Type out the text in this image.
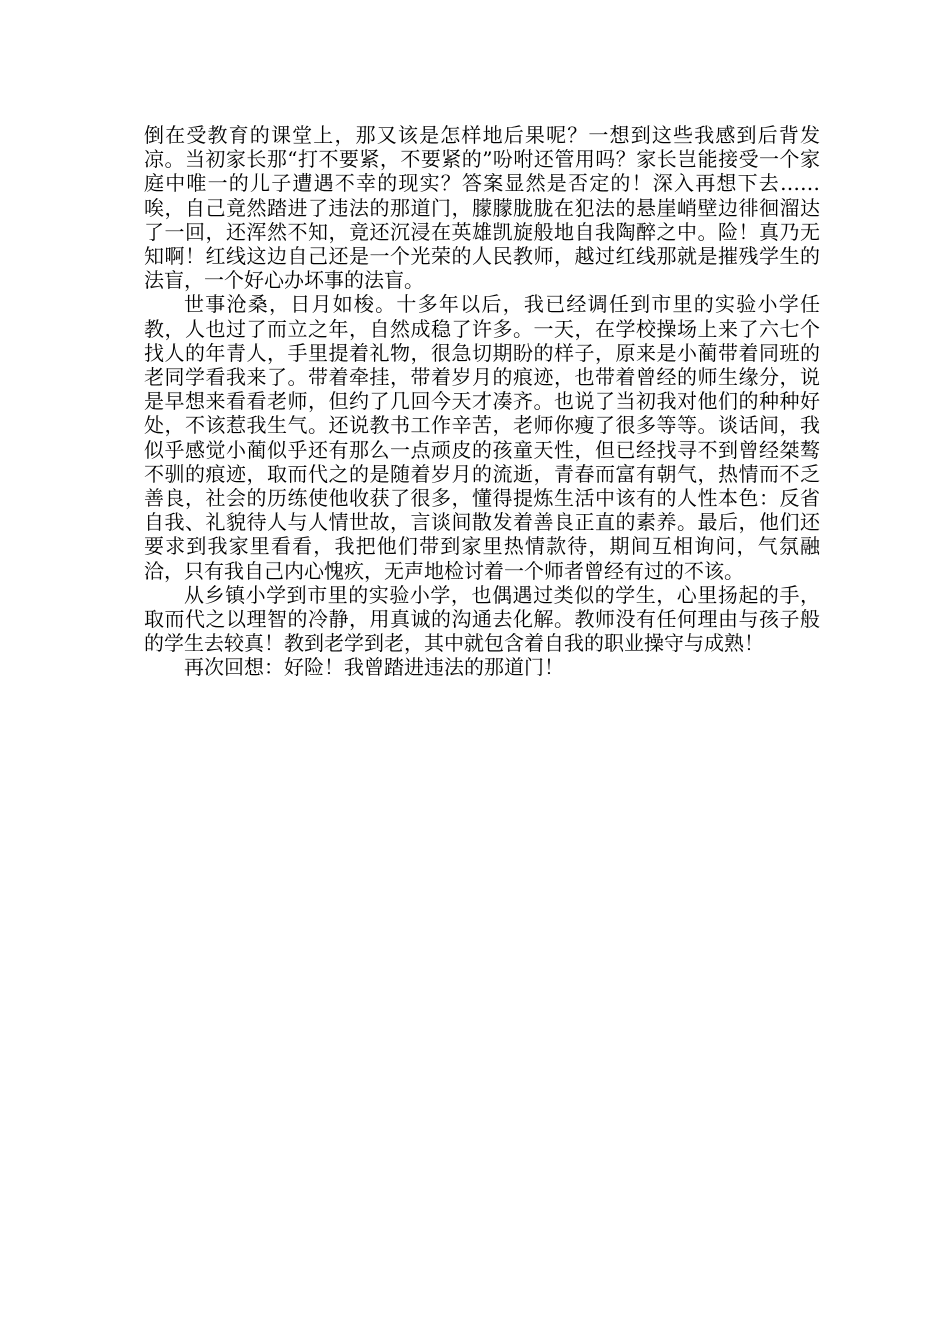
倒在受教育的课堂上，那又该是怎样地后果呢？一想到这些我感到后背发凉。当初家长那“打不要紧，不要紧的”吩咐还管用吗？家长岂能接受一个家庭中唯一的儿子遭遇不幸的现实？答案显然是否定的！深入再想下去……唉，自己竟然踏进了违法的那道门，朦朦胧胧在犯法的悬崖峭壁边徘徊溜达了一回，还浑然不知，竟还沉浸在英雄凯旋般地自我陶醉之中。险！真乃无知啊！红线这边自己还是一个光荣的人民教师，越过红线那就是摧残学生的法盲，一个好心办坏事的法盲。

世事沧桑，日月如梭。十多年以后，我已经调任到市里的实验小学任教，人也过了而立之年，自然成稳了许多。一天，在学校操场上来了六七个找人的年青人，手里提着礼物，很急切期盼的样子，原来是小蔺带着同班的老同学看我来了。带着牵挂，带着岁月的痕迹，也带着曾经的师生缘分，说是早想来看看老师，但约了几回今天才凑齐。也说了当初我对他们的种种好处，不该惹我生气。还说教书工作辛苦，老师你瘦了很多等等。谈话间，我似乎感觉小蔺似乎还有那么一点顽皮的孩童天性，但已经找寻不到曾经桀骜不驯的痕迹，取而代之的是随着岁月的流逝，青春而富有朝气，热情而不乏善良，社会的历练使他收获了很多，懂得提炼生活中该有的人性本色：反省自我、礼貌待人与人情世故，言谈间散发着善良正直的素养。最后，他们还要求到我家里看看，我把他们带到家里热情款待，期间互相询问，气氛融洽，只有我自己内心愧疚，无声地检讨着一个师者曾经有过的不该。

从乡镇小学到市里的实验小学，也偶遇过类似的学生，心里扬起的手，取而代之以理智的冷静，用真诚的沟通去化解。教师没有任何理由与孩子般的学生去较真！教到老学到老，其中就包含着自我的职业操守与成熟！

再次回想：好险！我曾踏进违法的那道门！
